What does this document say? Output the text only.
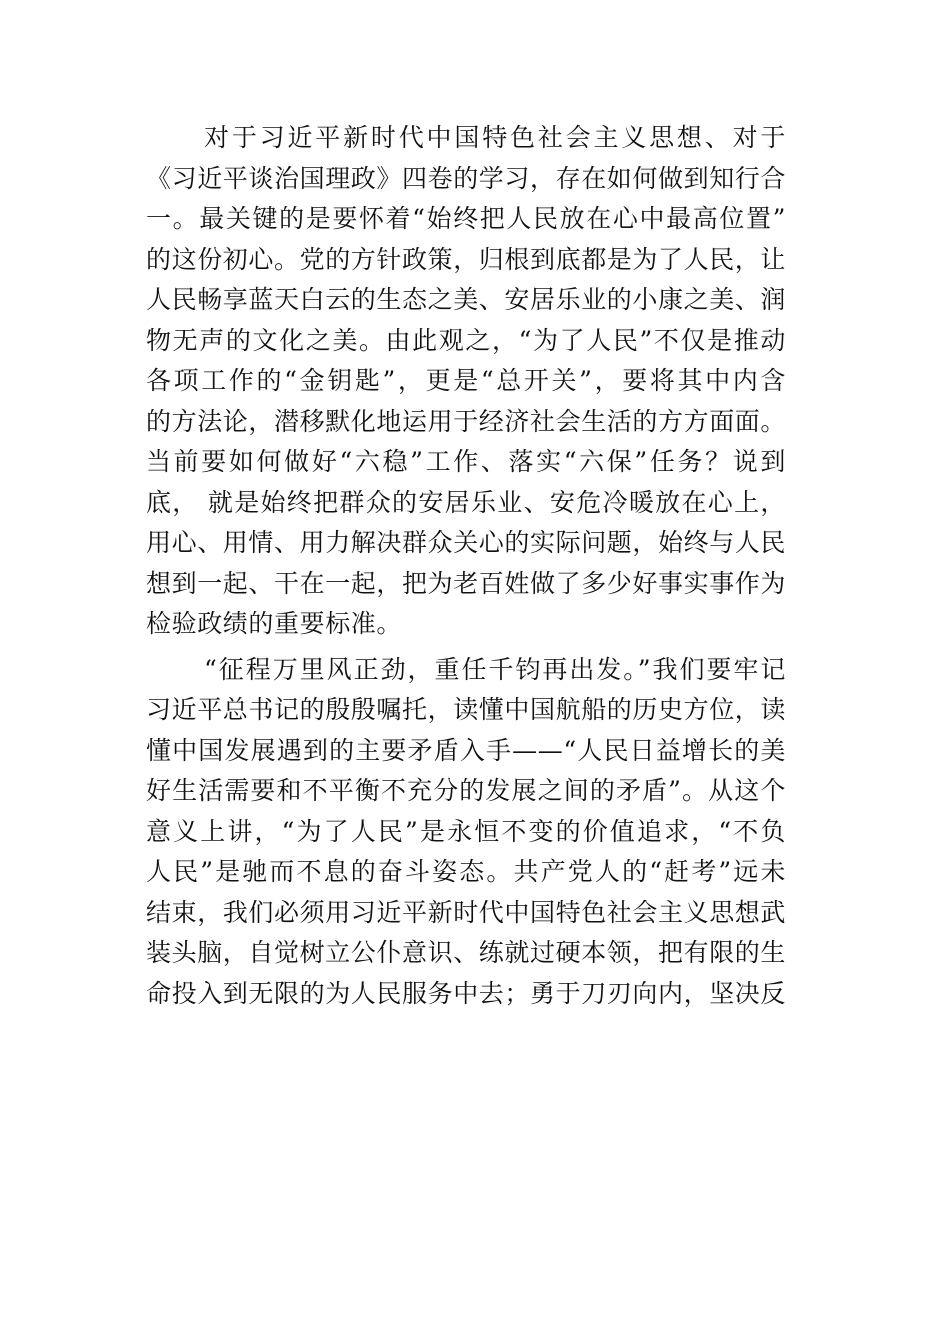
对于习近平新时代中国特色社会主义思想、对于
《习近平谈治国理政》四卷的学习，存在如何做到知行合
一。最关键的是要怀着“始终把人民放在心中最高位置”
的这份初心。党的方针政策，归根到底都是为了人民，让
人民畅享蓝天白云的生态之美、安居乐业的小康之美、润
物无声的文化之美。由此观之，“为了人民”不仅是推动
各项工作的“金钥匙”，更是“总开关”，要将其中内含
的方法论，潜移默化地运用于经济社会生活的方方面面。
当前要如何做好“六稳”工作、落实“六保”任务？说到
底， 就是始终把群众的安居乐业、安危冷暖放在心上，
用心、用情、用力解决群众关心的实际问题，始终与人民
想到一起、干在一起，把为老百姓做了多少好事实事作为
检验政绩的重要标准。
“征程万里风正劲，重任千钧再出发。”我们要牢记
习近平总书记的殷殷嘱托，读懂中国航船的历史方位，读
懂中国发展遇到的主要矛盾入手——“人民日益增长的美
好生活需要和不平衡不充分的发展之间的矛盾”。从这个
意义上讲，“为了人民”是永恒不变的价值追求，“不负
人民”是驰而不息的奋斗姿态。共产党人的“赶考”远未
结束，我们必须用习近平新时代中国特色社会主义思想武
装头脑，自觉树立公仆意识、练就过硬本领，把有限的生
命投入到无限的为人民服务中去；勇于刀刃向内，坚决反
